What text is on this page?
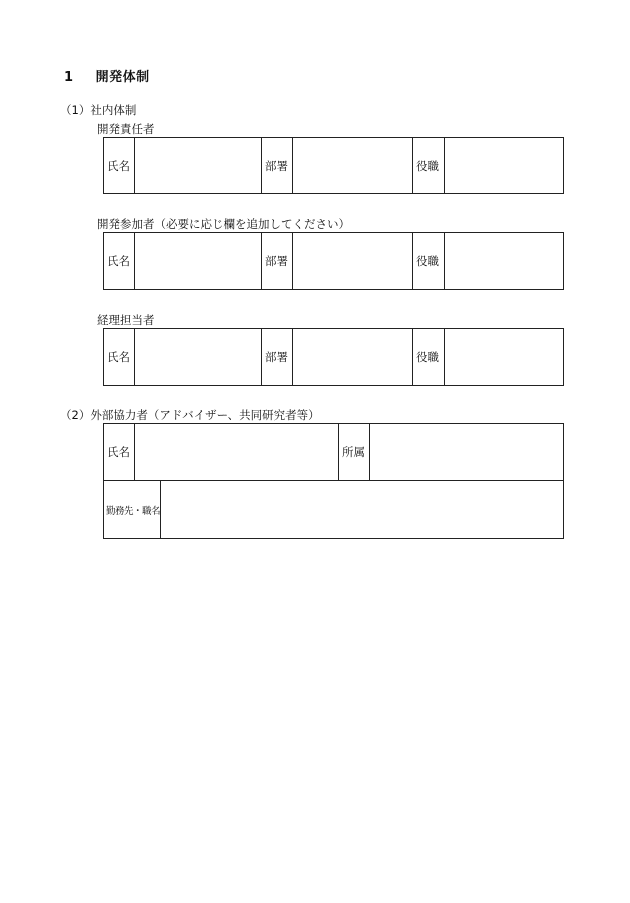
1 開発体制
（1）社内体制
開発責任者
氏名		部署		役職	
開発参加者（必要に応じ欄を追加してください）
氏名		部署		役職	
経理担当者
氏名		部署		役職	
（2）外部協力者（アドバイザー、共同研究者等）
氏名			所属	
勤務先・職名				
